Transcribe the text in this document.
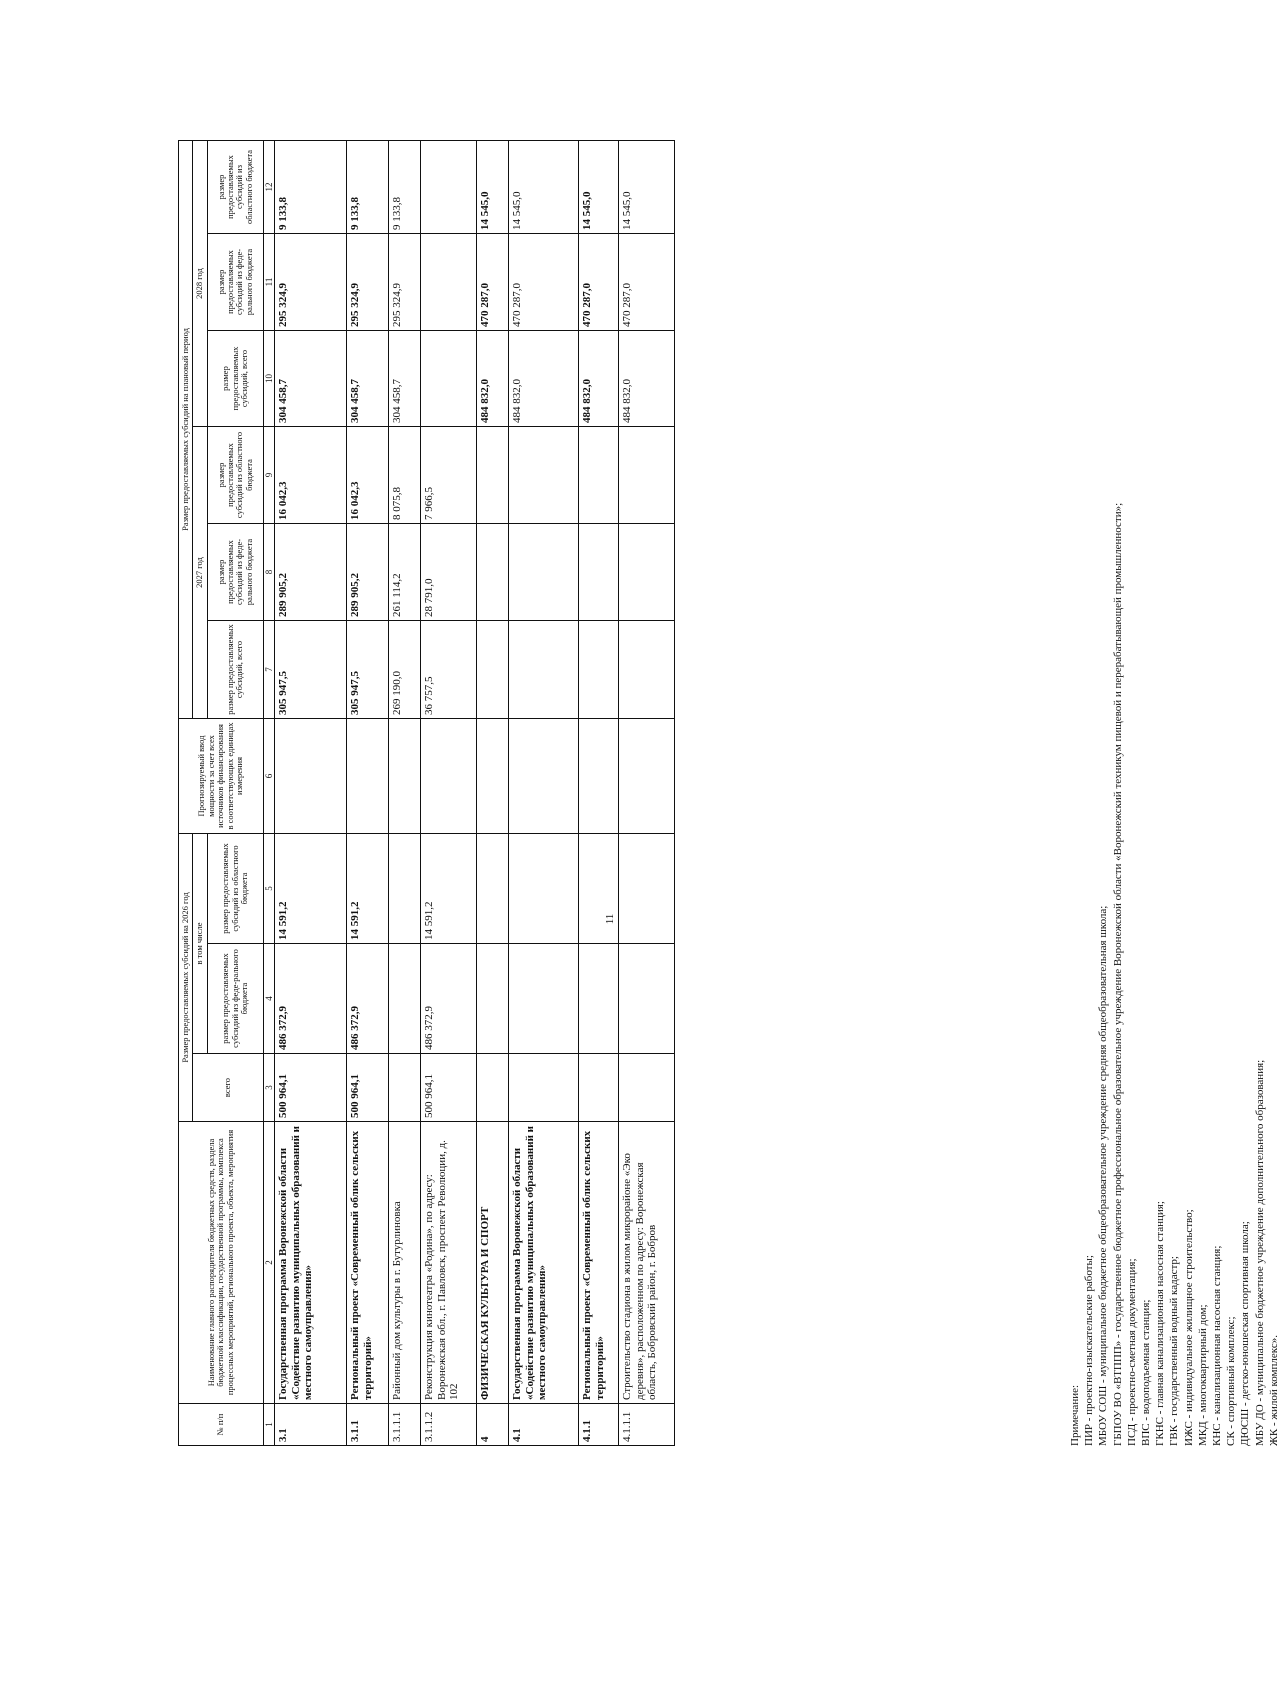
11
№ п/п	Наименование главного распорядителя бюджетных средств, раздела бюджетной классификации, государственной программы, комплекса процессных мероприятий, регионального проекта, объекта, мероприятия	Размер предоставляемых субсидий на 2026 год			Прогнозируемый ввод мощности за счет всех источников финансирования в соответствующих единицах измерения	Размер предоставляемых субсидий на плановый период					
		всего	в том числе			2027 год			2028 год		
			размер предоставляемых субсидий из феде-рального бюджета	размер предоставляемых субсидий из областного бюджета		размер предоставляемых субсидий, всего	размер предоставляемых субсидий из феде-рального бюджета	размер предоставляемых субсидий из областного бюджета	размер предоставляемых субсидий, всего	размер предоставляемых субсидий из феде-рального бюджета	размер предоставляемых субсидий из областного бюджета
1	2	3	4	5	6	7	8	9	10	11	12
3.1	Государственная программа Воронежской области «Содействие развитию муниципальных образований и местного самоуправления»	500 964,1	486 372,9	14 591,2		305 947,5	289 905,2	16 042,3	304 458,7	295 324,9	9 133,8
3.1.1	Региональный проект «Современный облик сельских территорий»	500 964,1	486 372,9	14 591,2		305 947,5	289 905,2	16 042,3	304 458,7	295 324,9	9 133,8
3.1.1.1	Районный дом культуры в г. Бутурлиновка					269 190,0	261 114,2	8 075,8	304 458,7	295 324,9	9 133,8
3.1.1.2	Реконструкция кинотеатра «Родина», по адресу: Воронежская обл., г. Павловск, проспект Революции, д. 102	500 964,1	486 372,9	14 591,2		36 757,5	28 791,0	7 966,5			
4	ФИЗИЧЕСКАЯ КУЛЬТУРА И СПОРТ								484 832,0	470 287,0	14 545,0
4.1	Государственная программа Воронежской области «Содействие развитию муниципальных образований и местного самоуправления»								484 832,0	470 287,0	14 545,0
4.1.1	Региональный проект «Современный облик сельских территорий»								484 832,0	470 287,0	14 545,0
4.1.1.1	Строительство стадиона в жилом микрорайоне «Эко деревня», расположенном по адресу: Воронежская область, Бобровский район, г. Бобров								484 832,0	470 287,0	14 545,0
Примечание: ПИР - проектно-изыскательские работы; МБОУ СОШ - муниципальное бюджетное общеобразовательное учреждение средняя общеобразовательная школа; ГБПОУ ВО «ВТППП» - государственное бюджетное профессиональное образовательное учреждение Воронежской области «Воронежский техникум пищевой и перерабатывающей промышленности»; ПСД - проектно-сметная документация; ВПС - водоподъемная станция; ГКНС - главная канализационная насосная станция; ГВК - государственный водный кадастр; ИЖС - индивидуальное жилищное строительство; МКД - многоквартирный дом; КНС - канализационная насосная станция; СК - спортивный комплекс; ДЮСШ - детско-юношеская спортивная школа; МБУ ДО - муниципальное бюджетное учреждение дополнительного образования; ЖК - жилой комплекс».
